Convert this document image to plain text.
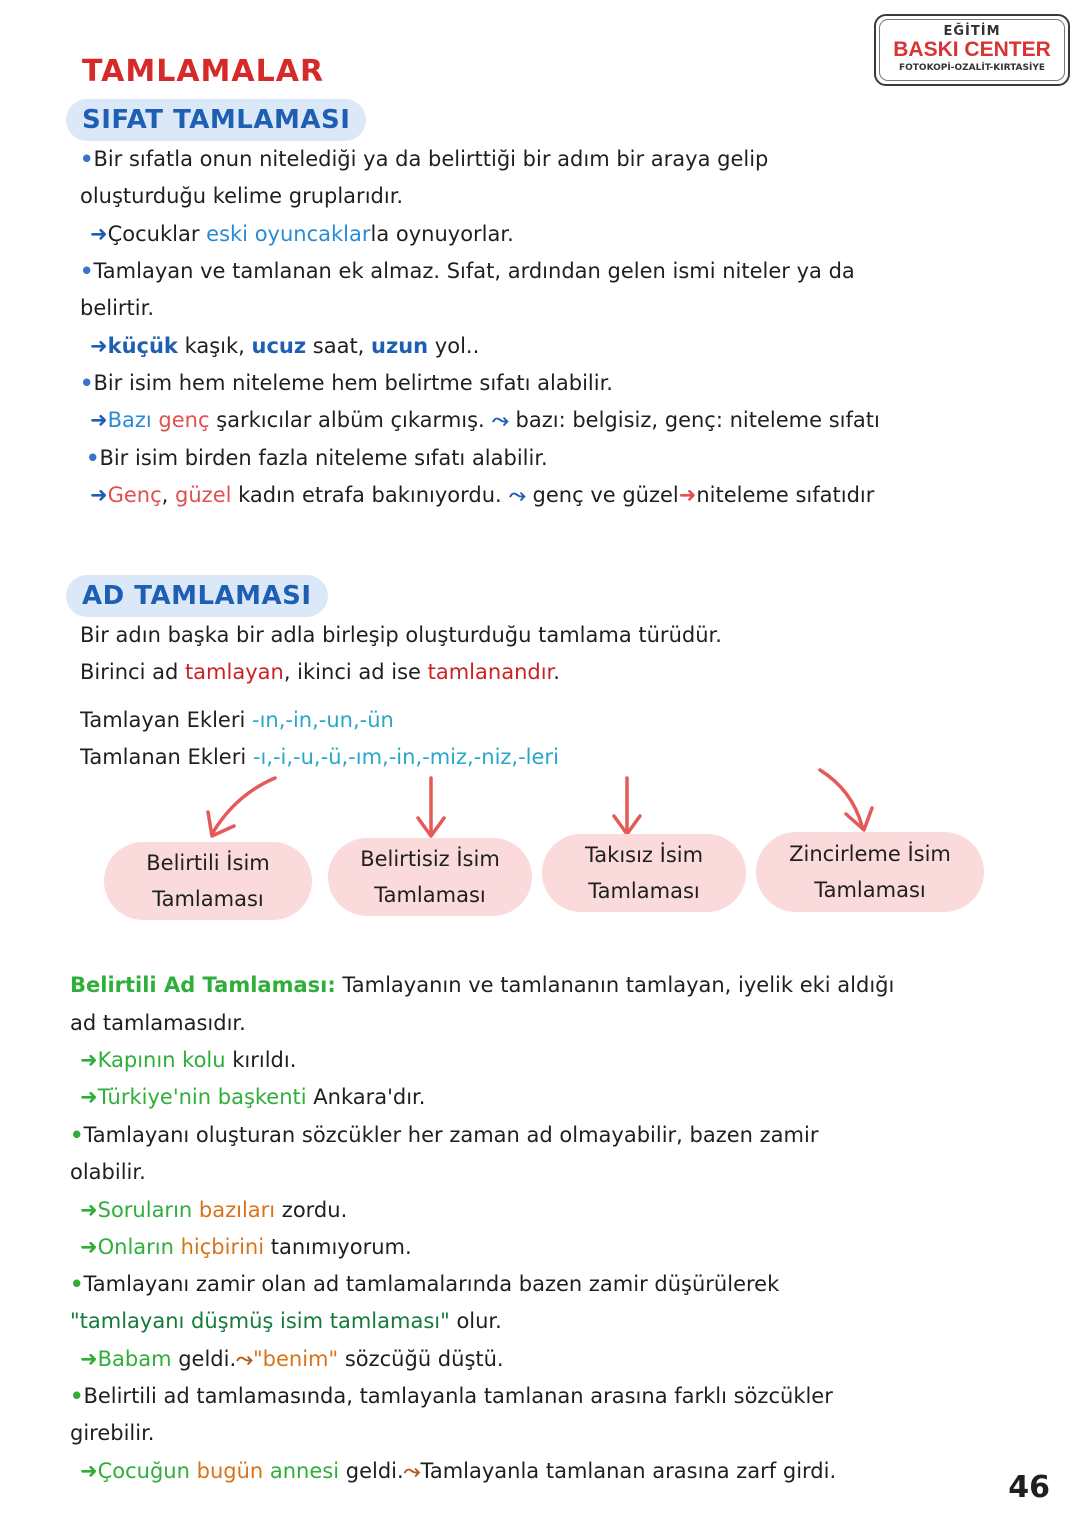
EĞİTİM
BASKI CENTER
FOTOKOPİ-OZALİT-KIRTASİYE
TAMLAMALAR
SIFAT TAMLAMASI
•Bir sıfatla onun nitelediği ya da belirttiği bir adım bir araya gelip
oluşturduğu kelime gruplarıdır.
➜Çocuklar eski oyuncaklarla oynuyorlar.
•Tamlayan ve tamlanan ek almaz. Sıfat, ardından gelen ismi niteler ya da
belirtir.
➜küçük kaşık, ucuz saat, uzun yol..
•Bir isim hem niteleme hem belirtme sıfatı alabilir.
➜Bazı genç şarkıcılar albüm çıkarmış. ⤳ bazı: belgisiz, genç: niteleme sıfatı
•Bir isim birden fazla niteleme sıfatı alabilir.
➜Genç, güzel kadın etrafa bakınıyordu. ⤳ genç ve güzel➜niteleme sıfatıdır
AD TAMLAMASI
Bir adın başka bir adla birleşip oluşturduğu tamlama türüdür.
Birinci ad tamlayan, ikinci ad ise tamlanandır.
Tamlayan Ekleri -ın,-in,-un,-ün
Tamlanan Ekleri -ı,-i,-u,-ü,-ım,-in,-miz,-niz,-leri
Belirtili İsim
Tamlaması
Belirtisiz İsim
Tamlaması
Takısız İsim
Tamlaması
Zincirleme İsim
Tamlaması
Belirtili Ad Tamlaması: Tamlayanın ve tamlananın tamlayan, iyelik eki aldığı
ad tamlamasıdır.
➜Kapının kolu kırıldı.
➜Türkiye'nin başkenti Ankara'dır.
•Tamlayanı oluşturan sözcükler her zaman ad olmayabilir, bazen zamir
olabilir.
➜Soruların bazıları zordu.
➜Onların hiçbirini tanımıyorum.
•Tamlayanı zamir olan ad tamlamalarında bazen zamir düşürülerek
"tamlayanı düşmüş isim tamlaması" olur.
➜Babam geldi.⤳"benim" sözcüğü düştü.
•Belirtili ad tamlamasında, tamlayanla tamlanan arasına farklı sözcükler
girebilir.
➜Çocuğun bugün annesi geldi.⤳Tamlayanla tamlanan arasına zarf girdi.	46
